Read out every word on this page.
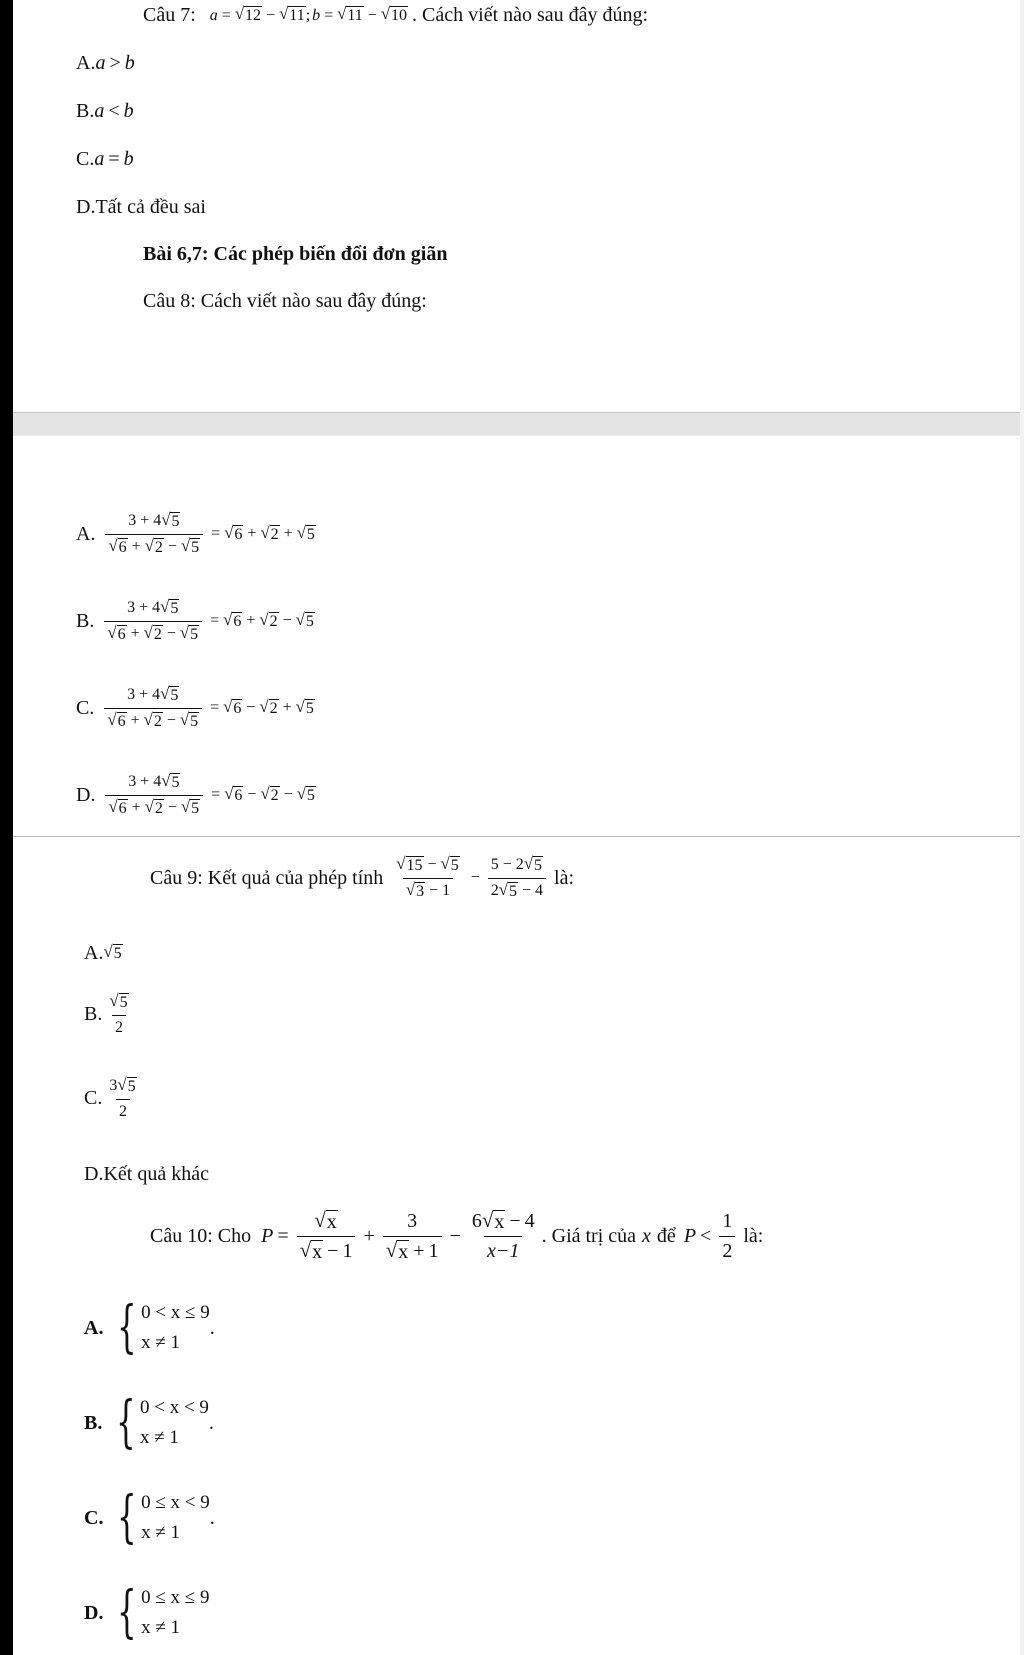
Câu 7: a = √ 12 − √ 11 ; b = √ 11 − √ 10 . Cách viết nào sau đây đúng:
A. a > b
B. a < b
C. a = b
D. Tất cả đều sai
Bài 6,7: Các phép biến đổi đơn giãn
Câu 8: Cách viết nào sau đây đúng:
A. $\frac{3 + 4 √ 5}{√ 6 + √ 2 - √ 5}$ = √ 6 + √ 2 + √ 5
B. $\frac{3 + 4 √ 5}{√ 6 + √ 2 - √ 5}$ = √ 6 + √ 2 − √ 5
C. $\frac{3 + 4 √ 5}{√ 6 + √ 2 - √ 5}$ = √ 6 − √ 2 + √ 5
D. $\frac{3 + 4 √ 5}{√ 6 + √ 2 - √ 5}$ = √ 6 − √ 2 − √ 5
Câu 9: Kết quả của phép tính $\frac{√ 15 - √ 5}{√ 3 - 1} - \frac{5 - 2 √ 5}{2 √ 5 - 4}$ là:
A. √ 5
B. $\frac{√ 5}{2}$
C. $\frac{3 √ 5}{2}$
D. Kết quả khác
Câu 10: Cho $P = \frac{√ x}{√ x - 1} + \frac{3}{√ x + 1} - \frac{6 √ x - 4}{x-1}$ . Giá trị của x để $P < \frac{1}{2}$ là:
A. { 0 < x ≤ 9
x ≠ 1
.
B. { 0 < x < 9
x ≠ 1
.
C. { 0 ≤ x < 9
x ≠ 1
.
D. { 0 ≤ x ≤ 9
x ≠ 1
